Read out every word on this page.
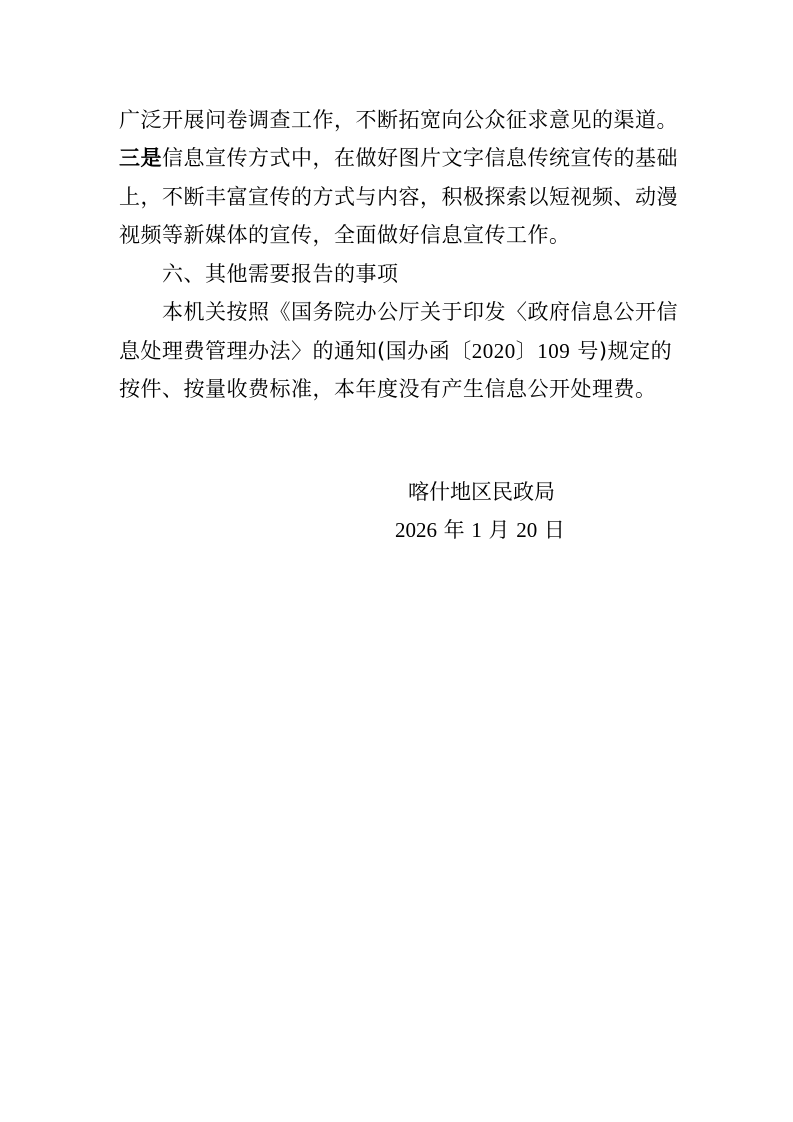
广泛开展问卷调查工作，不断拓宽向公众征求意见的渠道。
三是信息宣传方式中，在做好图片文字信息传统宣传的基础
上，不断丰富宣传的方式与内容，积极探索以短视频、动漫
视频等新媒体的宣传，全面做好信息宣传工作。
六、其他需要报告的事项
本机关按照《国务院办公厅关于印发〈政府信息公开信
息处理费管理办法〉的通知(国办函〔2020〕109 号)规定的
按件、按量收费标准，本年度没有产生信息公开处理费。
喀什地区民政局
2026 年 1 月 20 日
